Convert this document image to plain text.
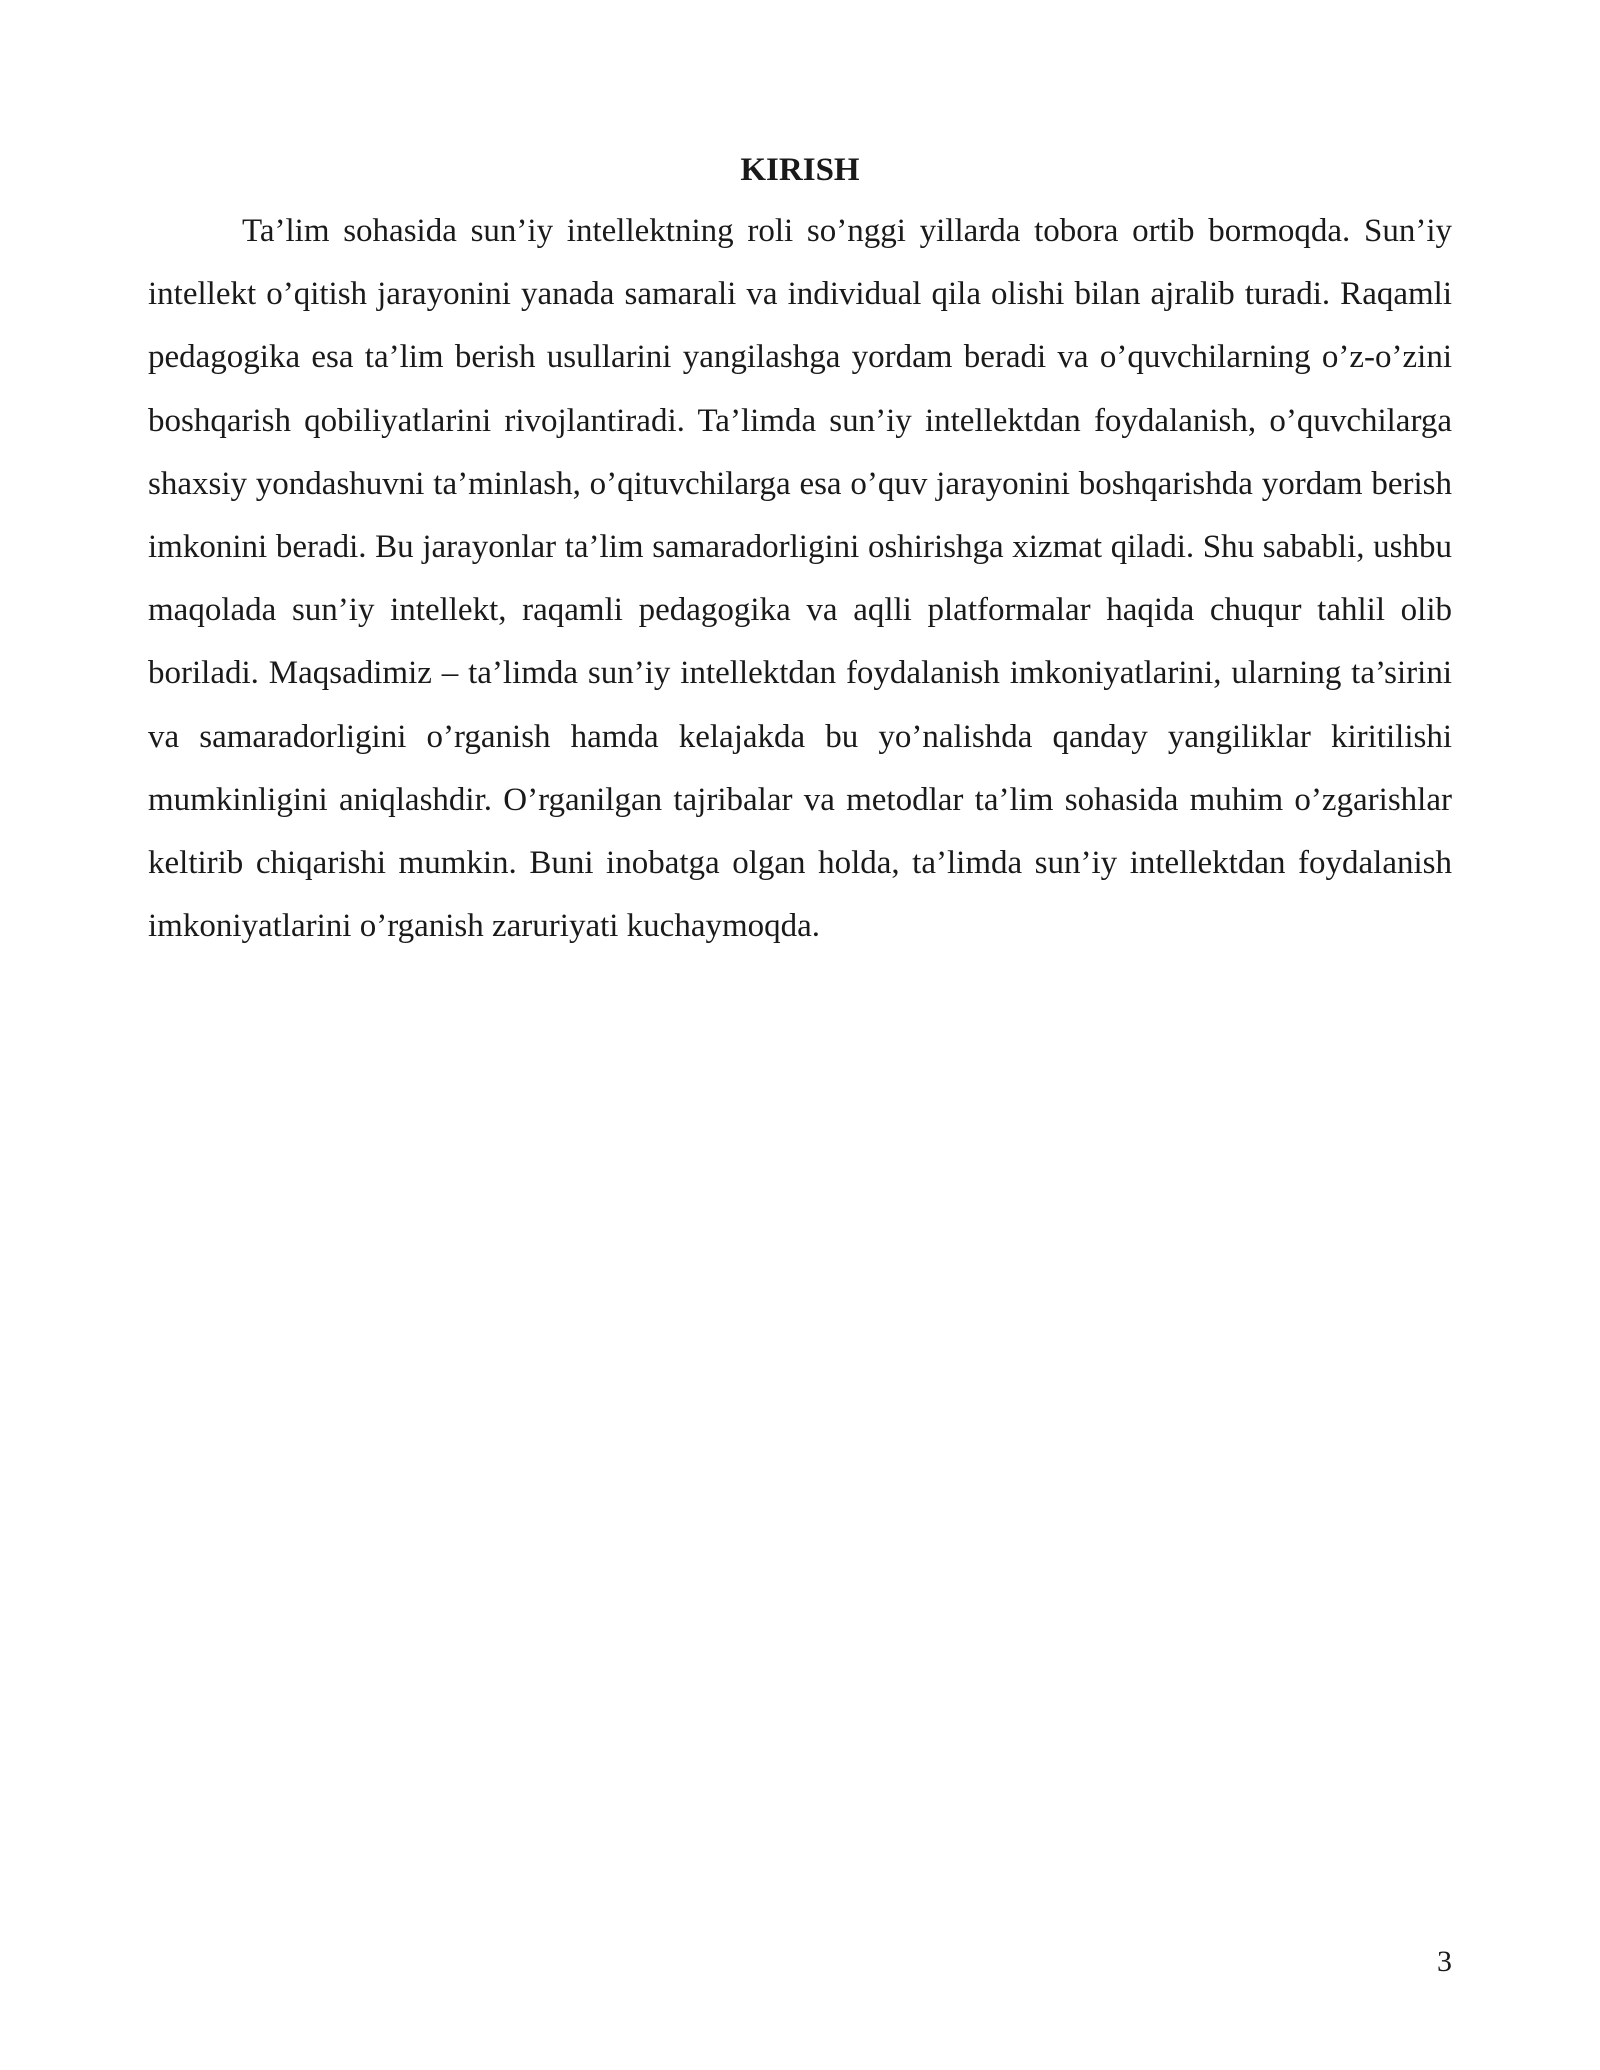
KIRISH

Ta’lim sohasida sun’iy intellektning roli so’nggi yillarda tobora ortib bormoqda. Sun’iy intellekt o’qitish jarayonini yanada samarali va individual qila olishi bilan ajralib turadi. Raqamli pedagogika esa ta’lim berish usullarini yangilashga yordam beradi va o’quvchilarning o’z-o’zini boshqarish qobiliyatlarini rivojlantiradi. Ta’limda sun’iy intellektdan foydalanish, o’quvchilarga shaxsiy yondashuvni ta’minlash, o’qituvchilarga esa o’quv jarayonini boshqarishda yordam berish imkonini beradi. Bu jarayonlar ta’lim samaradorligini oshirishga xizmat qiladi. Shu sababli, ushbu maqolada sun’iy intellekt, raqamli pedagogika va aqlli platformalar haqida chuqur tahlil olib boriladi. Maqsadimiz – ta’limda sun’iy intellektdan foydalanish imkoniyatlarini, ularning ta’sirini va samaradorligini o’rganish hamda kelajakda bu yo’nalishda qanday yangiliklar kiritilishi mumkinligini aniqlashdir. O’rganilgan tajribalar va metodlar ta’lim sohasida muhim o’zgarishlar keltirib chiqarishi mumkin. Buni inobatga olgan holda, ta’limda sun’iy intellektdan foydalanish imkoniyatlarini o’rganish zaruriyati kuchaymoqda.

3
